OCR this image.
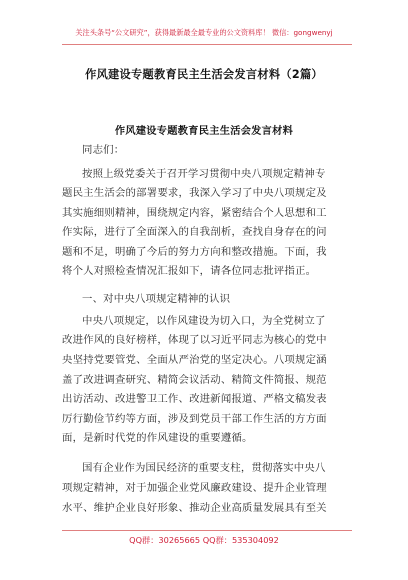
关注头条号“公文研究”，获得最新最全最专业的公文资料库！ 微信：gongwenyj
作风建设专题教育民主生活会发言材料（2篇）
作风建设专题教育民主生活会发言材料
同志们：
按照上级党委关于召开学习贯彻中央八项规定精神专
题民主生活会的部署要求，我深入学习了中央八项规定及
其实施细则精神，围绕规定内容，紧密结合个人思想和工
作实际，进行了全面深入的自我剖析，查找自身存在的问
题和不足，明确了今后的努力方向和整改措施。下面，我
将个人对照检查情况汇报如下，请各位同志批评指正。
一、对中央八项规定精神的认识
中央八项规定，以作风建设为切入口，为全党树立了
改进作风的良好榜样，体现了以习近平同志为核心的党中
央坚持党要管党、全面从严治党的坚定决心。八项规定涵
盖了改进调查研究、精简会议活动、精简文件简报、规范
出访活动、改进警卫工作、改进新闻报道、严格文稿发表
厉行勤俭节约等方面，涉及到党员干部工作生活的方方面
面，是新时代党的作风建设的重要遵循。
国有企业作为国民经济的重要支柱，贯彻落实中央八
项规定精神，对于加强企业党风廉政建设、提升企业管理
水平、维护企业良好形象、推动企业高质量发展具有至关
QQ群：30265665 QQ群：535304092
